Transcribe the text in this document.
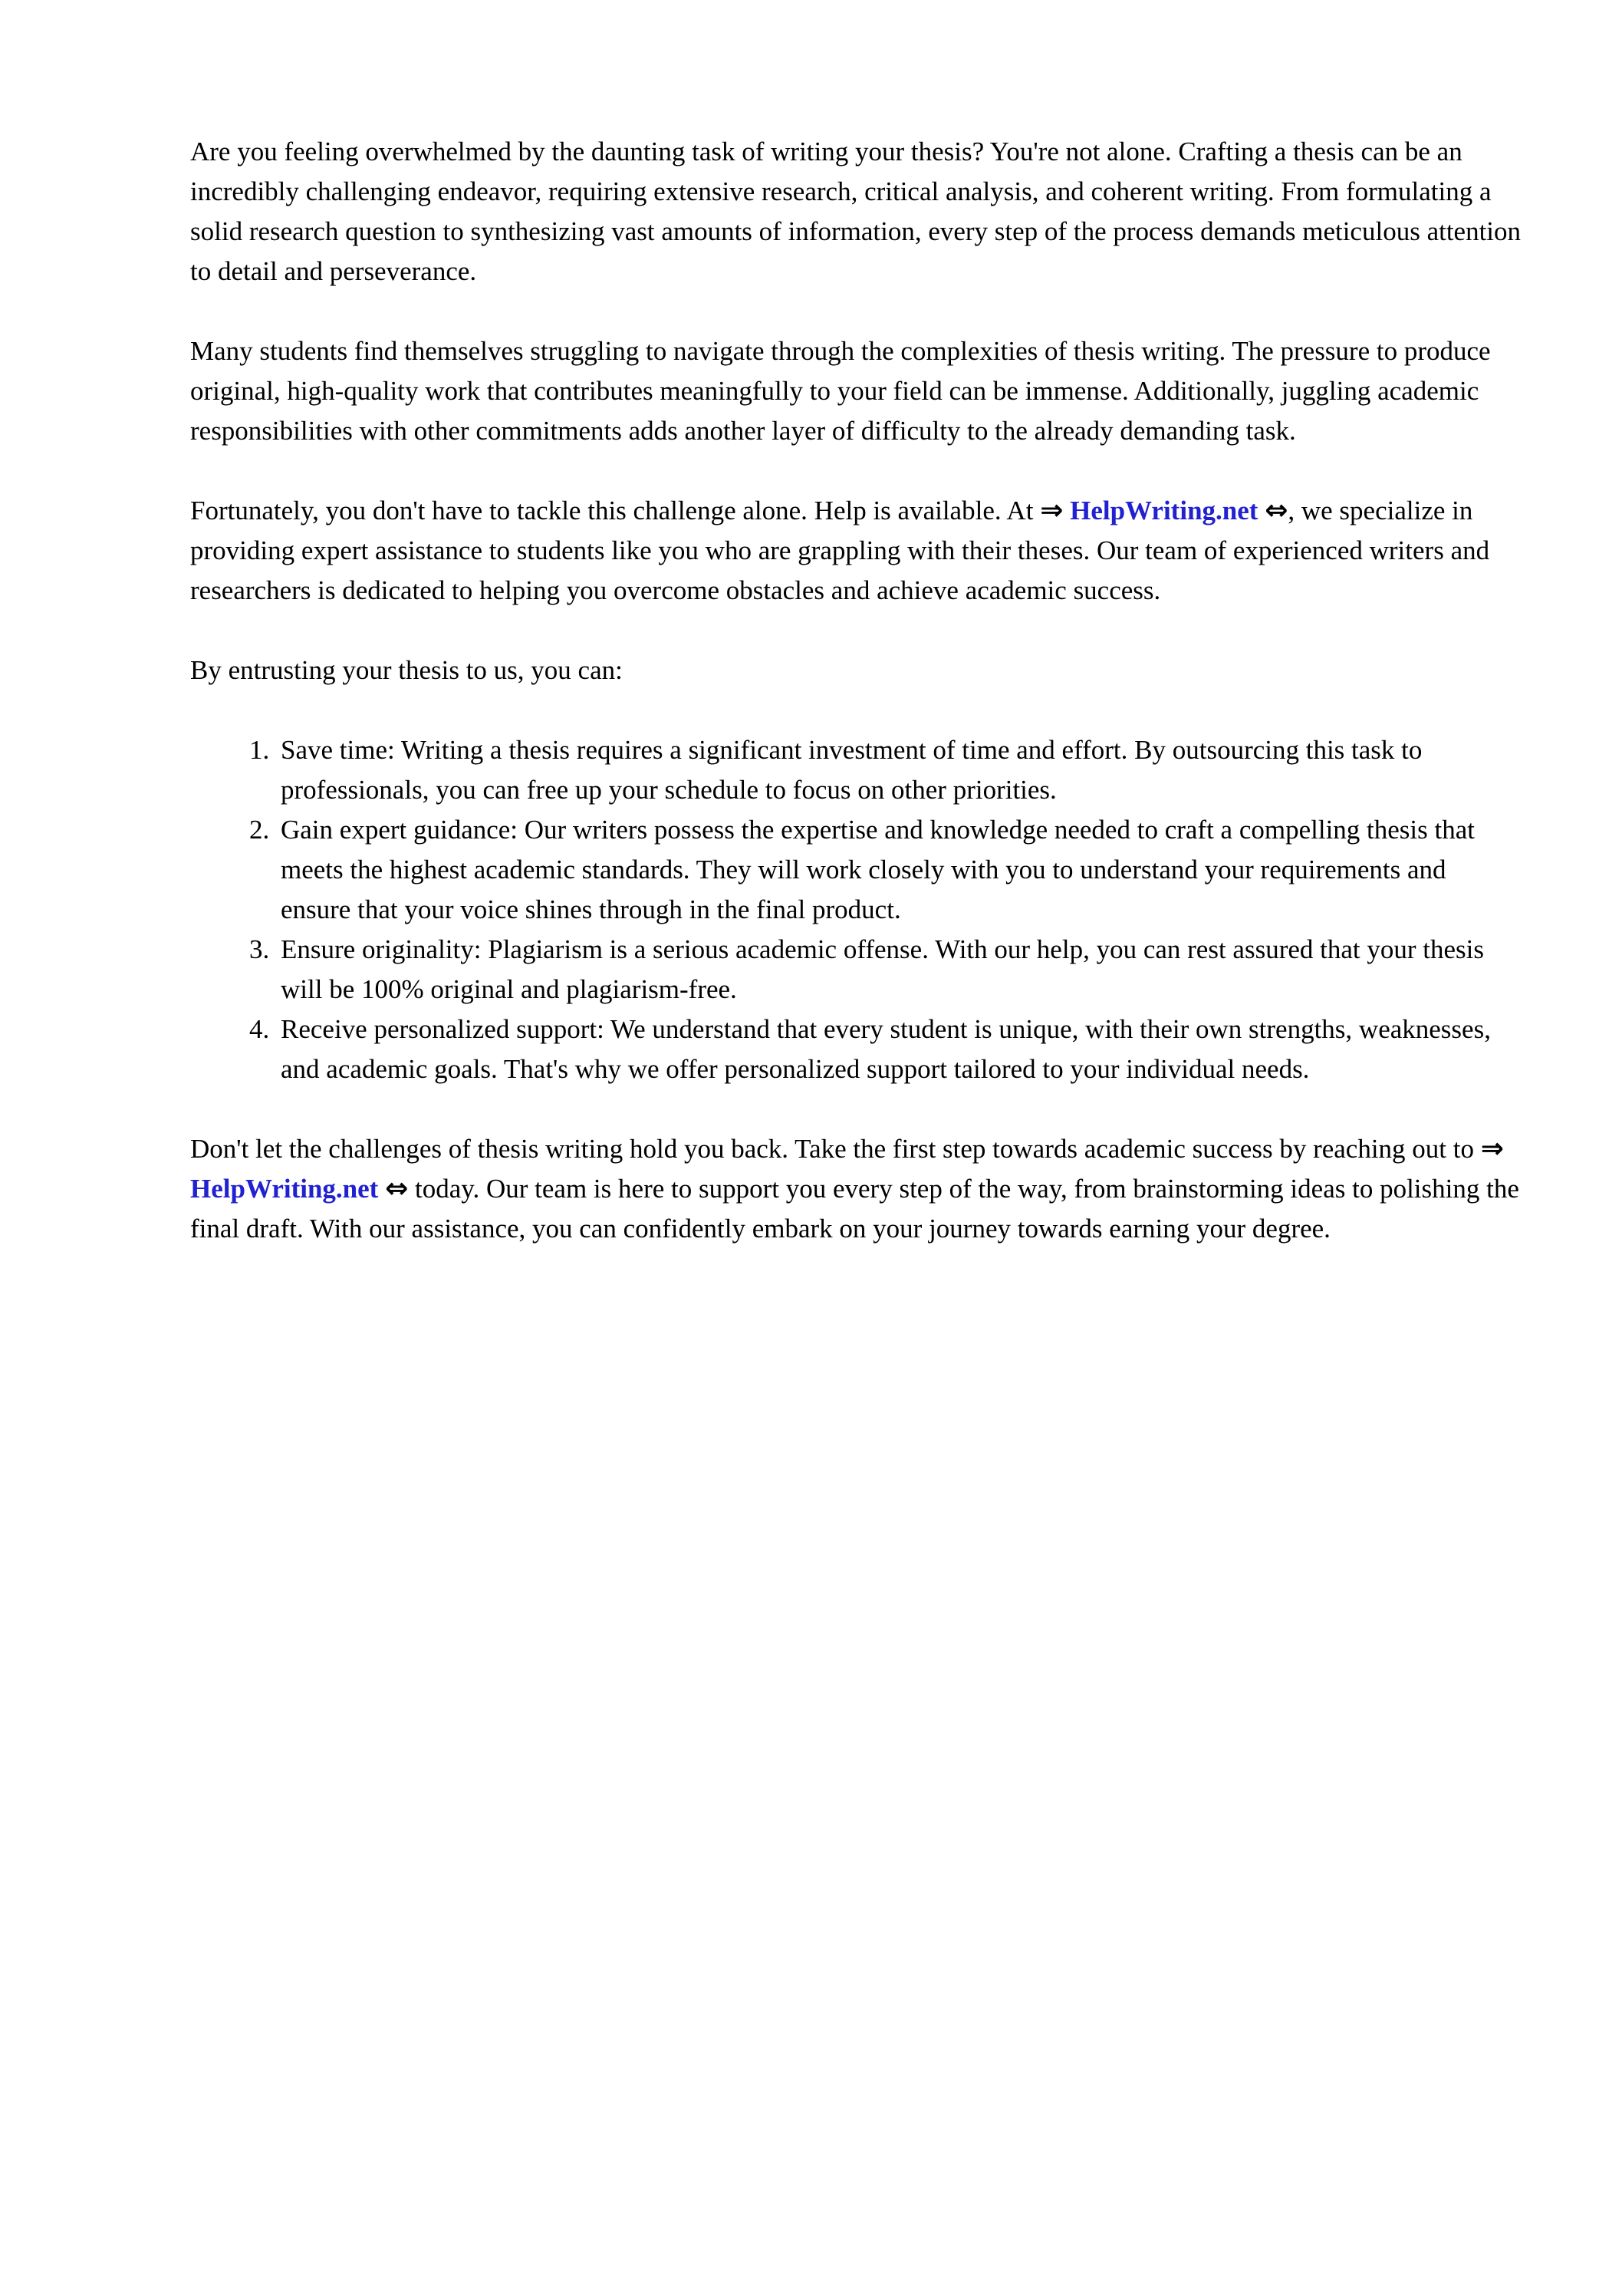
Are you feeling overwhelmed by the daunting task of writing your thesis? You're not alone. Crafting a thesis can be an incredibly challenging endeavor, requiring extensive research, critical analysis, and coherent writing. From formulating a solid research question to synthesizing vast amounts of information, every step of the process demands meticulous attention to detail and perseverance.

Many students find themselves struggling to navigate through the complexities of thesis writing. The pressure to produce original, high-quality work that contributes meaningfully to your field can be immense. Additionally, juggling academic responsibilities with other commitments adds another layer of difficulty to the already demanding task.

Fortunately, you don't have to tackle this challenge alone. Help is available. At ⇒ HelpWriting.net ⇔, we specialize in providing expert assistance to students like you who are grappling with their theses. Our team of experienced writers and researchers is dedicated to helping you overcome obstacles and achieve academic success.

By entrusting your thesis to us, you can:

1. Save time: Writing a thesis requires a significant investment of time and effort. By outsourcing this task to professionals, you can free up your schedule to focus on other priorities.
2. Gain expert guidance: Our writers possess the expertise and knowledge needed to craft a compelling thesis that meets the highest academic standards. They will work closely with you to understand your requirements and ensure that your voice shines through in the final product.
3. Ensure originality: Plagiarism is a serious academic offense. With our help, you can rest assured that your thesis will be 100% original and plagiarism-free.
4. Receive personalized support: We understand that every student is unique, with their own strengths, weaknesses, and academic goals. That's why we offer personalized support tailored to your individual needs.

Don't let the challenges of thesis writing hold you back. Take the first step towards academic success by reaching out to ⇒ HelpWriting.net ⇔ today. Our team is here to support you every step of the way, from brainstorming ideas to polishing the final draft. With our assistance, you can confidently embark on your journey towards earning your degree.
